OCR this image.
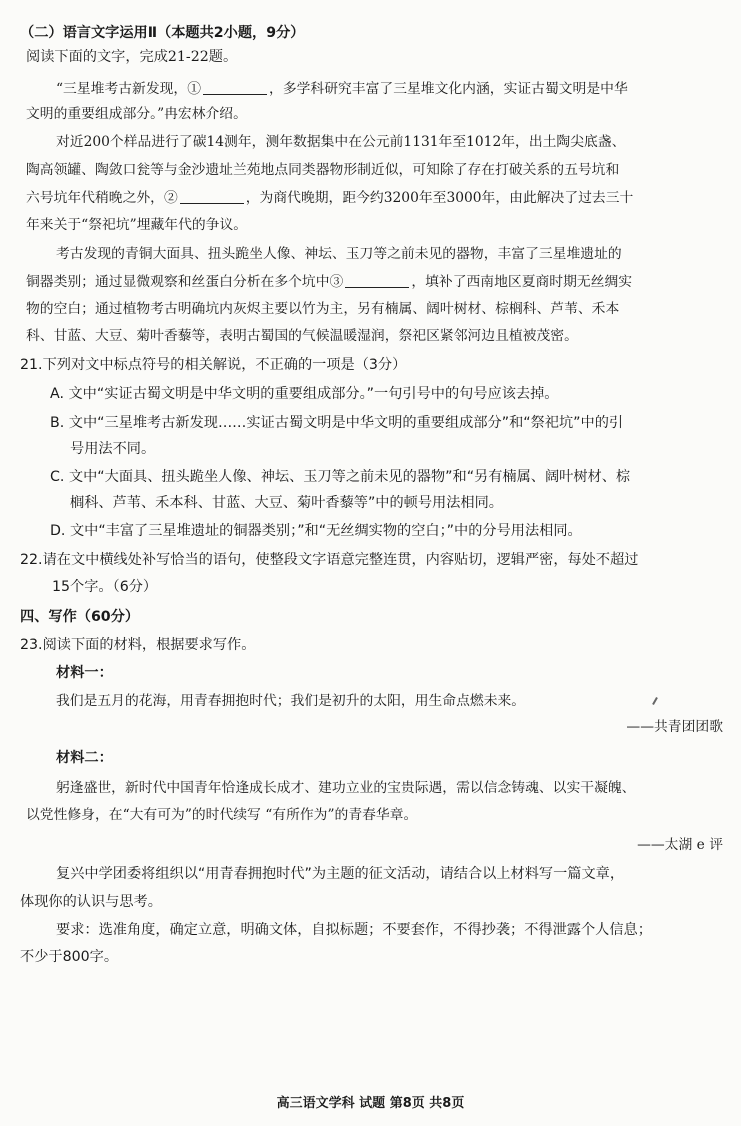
（二）语言文字运用Ⅱ（本题共2小题，9分）
阅读下面的文字，完成21-22题。
“三星堆考古新发现，①	，多学科研究丰富了三星堆文化内涵，实证古蜀文明是中华
文明的重要组成部分。”冉宏林介绍。
对近200个样品进行了碳14测年，测年数据集中在公元前1131年至1012年，出土陶尖底盏、
陶高领罐、陶敛口瓮等与金沙遗址兰苑地点同类器物形制近似，可知除了存在打破关系的五号坑和
六号坑年代稍晚之外，②	，为商代晚期，距今约3200年至3000年，由此解决了过去三十
年来关于“祭祀坑”埋藏年代的争议。
考古发现的青铜大面具、扭头跪坐人像、神坛、玉刀等之前未见的器物，丰富了三星堆遗址的
铜器类别；通过显微观察和丝蛋白分析在多个坑中③	，填补了西南地区夏商时期无丝绸实
物的空白；通过植物考古明确坑内灰烬主要以竹为主，另有楠属、阔叶树材、棕榈科、芦苇、禾本
科、甘蓝、大豆、菊叶香藜等，表明古蜀国的气候温暖湿润，祭祀区紧邻河边且植被茂密。
21.下列对文中标点符号的相关解说，不正确的一项是（3分）
A. 文中“实证古蜀文明是中华文明的重要组成部分。”一句引号中的句号应该去掉。
B. 文中“三星堆考古新发现……实证古蜀文明是中华文明的重要组成部分”和“祭祀坑”中的引
号用法不同。
C. 文中“大面具、扭头跪坐人像、神坛、玉刀等之前未见的器物”和“另有楠属、阔叶树材、棕
榈科、芦苇、禾本科、甘蓝、大豆、菊叶香藜等”中的顿号用法相同。
D. 文中“丰富了三星堆遗址的铜器类别；”和“无丝绸实物的空白；”中的分号用法相同。
22.请在文中横线处补写恰当的语句，使整段文字语意完整连贯，内容贴切，逻辑严密，每处不超过
15个字。（6分）
四、写作（60分）
23.阅读下面的材料，根据要求写作。
材料一：
我们是五月的花海，用青春拥抱时代；我们是初升的太阳，用生命点燃未来。
——共青团团歌
材料二：
躬逢盛世，新时代中国青年恰逢成长成才、建功立业的宝贵际遇，需以信念铸魂、以实干凝魄、
以党性修身，在“大有可为”的时代续写 “有所作为”的青春华章。
——太湖 e 评
复兴中学团委将组织以“用青春拥抱时代”为主题的征文活动，请结合以上材料写一篇文章，
体现你的认识与思考。
要求：选准角度，确定立意，明确文体，自拟标题；不要套作，不得抄袭；不得泄露个人信息；
不少于800字。
高三语文学科 试题 第8页 共8页
